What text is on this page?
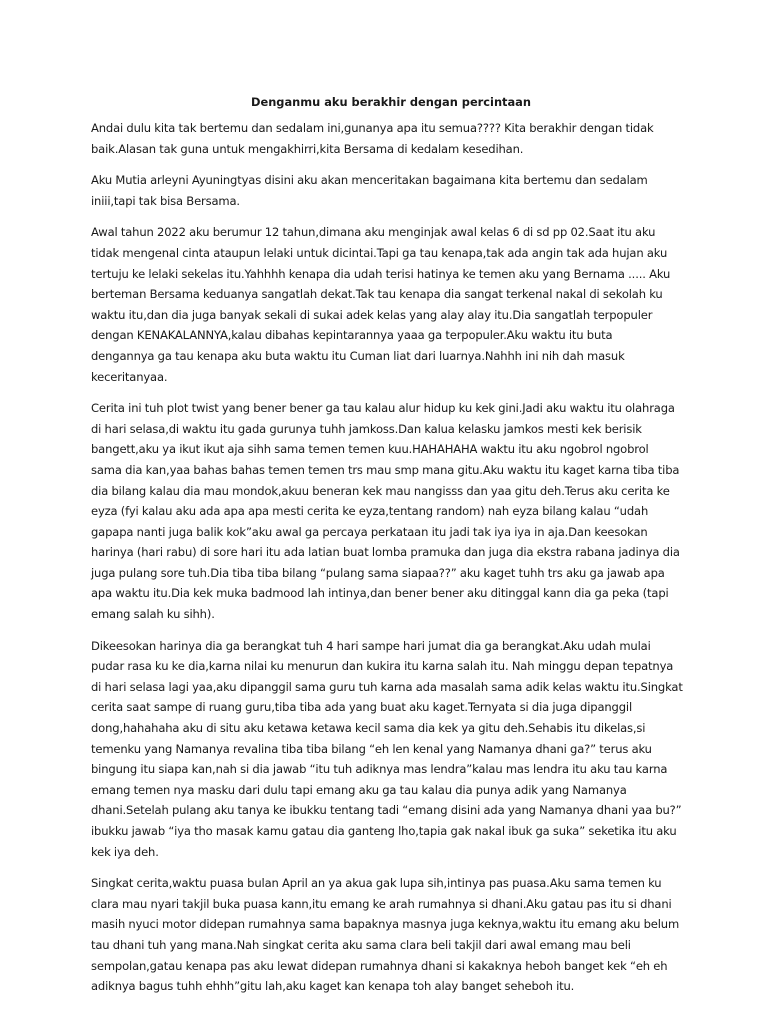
Denganmu aku berakhir dengan percintaan
Andai dulu kita tak bertemu dan sedalam ini,gunanya apa itu semua???? Kita berakhir dengan tidak
baik.Alasan tak guna untuk mengakhirri,kita Bersama di kedalam kesedihan.
Aku Mutia arleyni Ayuningtyas disini aku akan menceritakan bagaimana kita bertemu dan sedalam
iniii,tapi tak bisa Bersama.
Awal tahun 2022 aku berumur 12 tahun,dimana aku menginjak awal kelas 6 di sd pp 02.Saat itu aku
tidak mengenal cinta ataupun lelaki untuk dicintai.Tapi ga tau kenapa,tak ada angin tak ada hujan aku
tertuju ke lelaki sekelas itu.Yahhhh kenapa dia udah terisi hatinya ke temen aku yang Bernama ..... Aku
berteman Bersama keduanya sangatlah dekat.Tak tau kenapa dia sangat terkenal nakal di sekolah ku
waktu itu,dan dia juga banyak sekali di sukai adek kelas yang alay alay itu.Dia sangatlah terpopuler
dengan KENAKALANNYA,kalau dibahas kepintarannya yaaa ga terpopuler.Aku waktu itu buta
dengannya ga tau kenapa aku buta waktu itu Cuman liat dari luarnya.Nahhh ini nih dah masuk
keceritanyaa.
Cerita ini tuh plot twist yang bener bener ga tau kalau alur hidup ku kek gini.Jadi aku waktu itu olahraga
di hari selasa,di waktu itu gada gurunya tuhh jamkoss.Dan kalua kelasku jamkos mesti kek berisik
bangett,aku ya ikut ikut aja sihh sama temen temen kuu.HAHAHAHA waktu itu aku ngobrol ngobrol
sama dia kan,yaa bahas bahas temen temen trs mau smp mana gitu.Aku waktu itu kaget karna tiba tiba
dia bilang kalau dia mau mondok,akuu beneran kek mau nangisss dan yaa gitu deh.Terus aku cerita ke
eyza (fyi kalau aku ada apa apa mesti cerita ke eyza,tentang random) nah eyza bilang kalau “udah
gapapa nanti juga balik kok”aku awal ga percaya perkataan itu jadi tak iya iya in aja.Dan keesokan
harinya (hari rabu) di sore hari itu ada latian buat lomba pramuka dan juga dia ekstra rabana jadinya dia
juga pulang sore tuh.Dia tiba tiba bilang “pulang sama siapaa??” aku kaget tuhh trs aku ga jawab apa
apa waktu itu.Dia kek muka badmood lah intinya,dan bener bener aku ditinggal kann dia ga peka (tapi
emang salah ku sihh).
Dikeesokan harinya dia ga berangkat tuh 4 hari sampe hari jumat dia ga berangkat.Aku udah mulai
pudar rasa ku ke dia,karna nilai ku menurun dan kukira itu karna salah itu. Nah minggu depan tepatnya
di hari selasa lagi yaa,aku dipanggil sama guru tuh karna ada masalah sama adik kelas waktu itu.Singkat
cerita saat sampe di ruang guru,tiba tiba ada yang buat aku kaget.Ternyata si dia juga dipanggil
dong,hahahaha aku di situ aku ketawa ketawa kecil sama dia kek ya gitu deh.Sehabis itu dikelas,si
temenku yang Namanya revalina tiba tiba bilang “eh len kenal yang Namanya dhani ga?” terus aku
bingung itu siapa kan,nah si dia jawab “itu tuh adiknya mas lendra”kalau mas lendra itu aku tau karna
emang temen nya masku dari dulu tapi emang aku ga tau kalau dia punya adik yang Namanya
dhani.Setelah pulang aku tanya ke ibukku tentang tadi “emang disini ada yang Namanya dhani yaa bu?”
ibukku jawab “iya tho masak kamu gatau dia ganteng lho,tapia gak nakal ibuk ga suka” seketika itu aku
kek iya deh.
Singkat cerita,waktu puasa bulan April an ya akua gak lupa sih,intinya pas puasa.Aku sama temen ku
clara mau nyari takjil buka puasa kann,itu emang ke arah rumahnya si dhani.Aku gatau pas itu si dhani
masih nyuci motor didepan rumahnya sama bapaknya masnya juga keknya,waktu itu emang aku belum
tau dhani tuh yang mana.Nah singkat cerita aku sama clara beli takjil dari awal emang mau beli
sempolan,gatau kenapa pas aku lewat didepan rumahnya dhani si kakaknya heboh banget kek “eh eh
adiknya bagus tuhh ehhh”gitu lah,aku kaget kan kenapa toh alay banget seheboh itu.
